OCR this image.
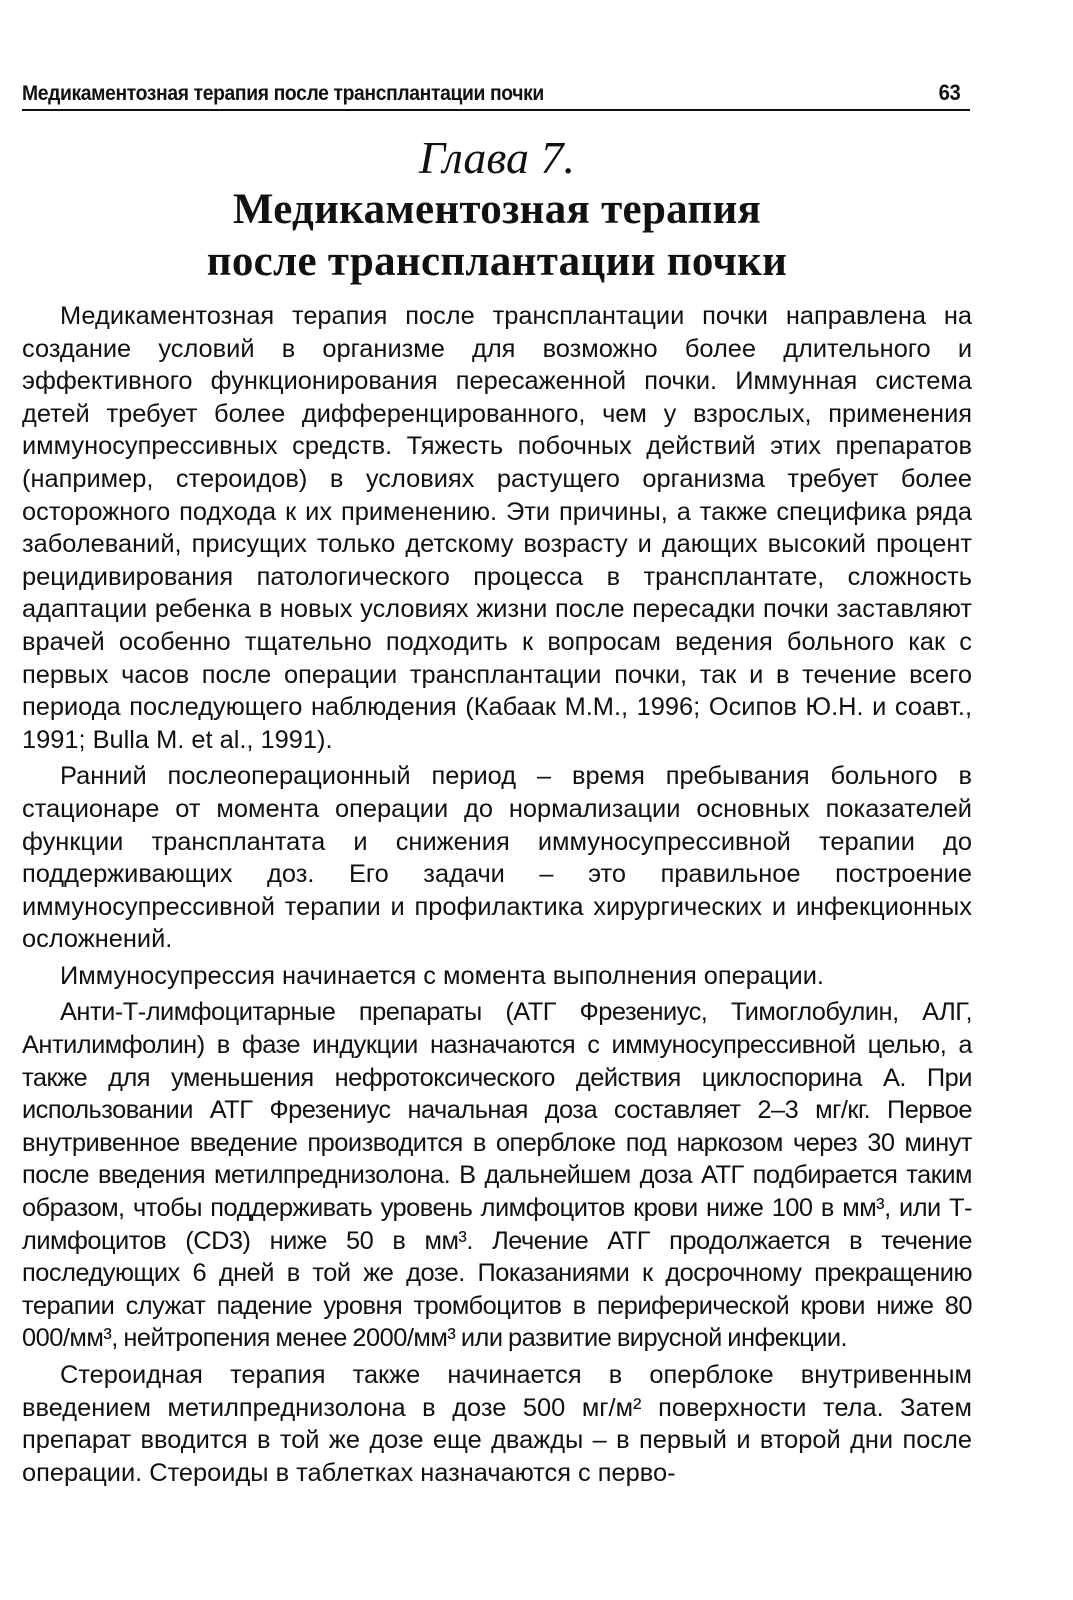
Медикаментозная терапия после трансплантации почки	63
Глава 7.
Медикаментозная терапия
после трансплантации почки

Медикаментозная терапия после трансплантации почки направлена на создание условий в организме для возможно более длительного и эффективного функционирования пересаженной почки. Иммунная система детей требует более дифференцированного, чем у взрослых, применения иммуносупрессивных средств. Тяжесть побочных действий этих препаратов (например, стероидов) в условиях растущего организма требует более осторожного подхода к их применению. Эти причины, а также специфика ряда заболеваний, присущих только детскому возрасту и дающих высокий процент рецидивирования патологического процесса в трансплантате, сложность адаптации ребенка в новых условиях жизни после пересадки почки заставляют врачей особенно тщательно подходить к вопросам ведения больного как с первых часов после операции трансплантации почки, так и в течение всего периода последующего наблюдения (Кабаак М.М., 1996; Осипов Ю.Н. и соавт., 1991; Bulla M. et al., 1991).

Ранний послеоперационный период – время пребывания больного в стационаре от момента операции до нормализации основных показателей функции трансплантата и снижения иммуносупрессивной терапии до поддерживающих доз. Его задачи – это правильное построение иммуносупрессивной терапии и профилактика хирургических и инфекционных осложнений.

Иммуносупрессия начинается с момента выполнения операции.

Анти-Т-лимфоцитарные препараты (АТГ Фрезениус, Тимоглобулин, АЛГ, Антилимфолин) в фазе индукции назначаются с иммуносупрессивной целью, а также для уменьшения нефротоксического действия циклоспорина А. При использовании АТГ Фрезениус начальная доза составляет 2–3 мг/кг. Первое внутривенное введение производится в оперблоке под наркозом через 30 минут после введения метилпреднизолона. В дальнейшем доза АТГ подбирается таким образом, чтобы поддерживать уровень лимфоцитов крови ниже 100 в мм³, или Т-лимфоцитов (CD3) ниже 50 в мм³. Лечение АТГ продолжается в течение последующих 6 дней в той же дозе. Показаниями к досрочному прекращению терапии служат падение уровня тромбоцитов в периферической крови ниже 80 000/мм³, нейтропения менее 2000/мм³ или развитие вирусной инфекции.

Стероидная терапия также начинается в оперблоке внутривенным введением метилпреднизолона в дозе 500 мг/м² поверхности тела. Затем препарат вводится в той же дозе еще дважды – в первый и второй дни после операции. Стероиды в таблетках назначаются с перво-
